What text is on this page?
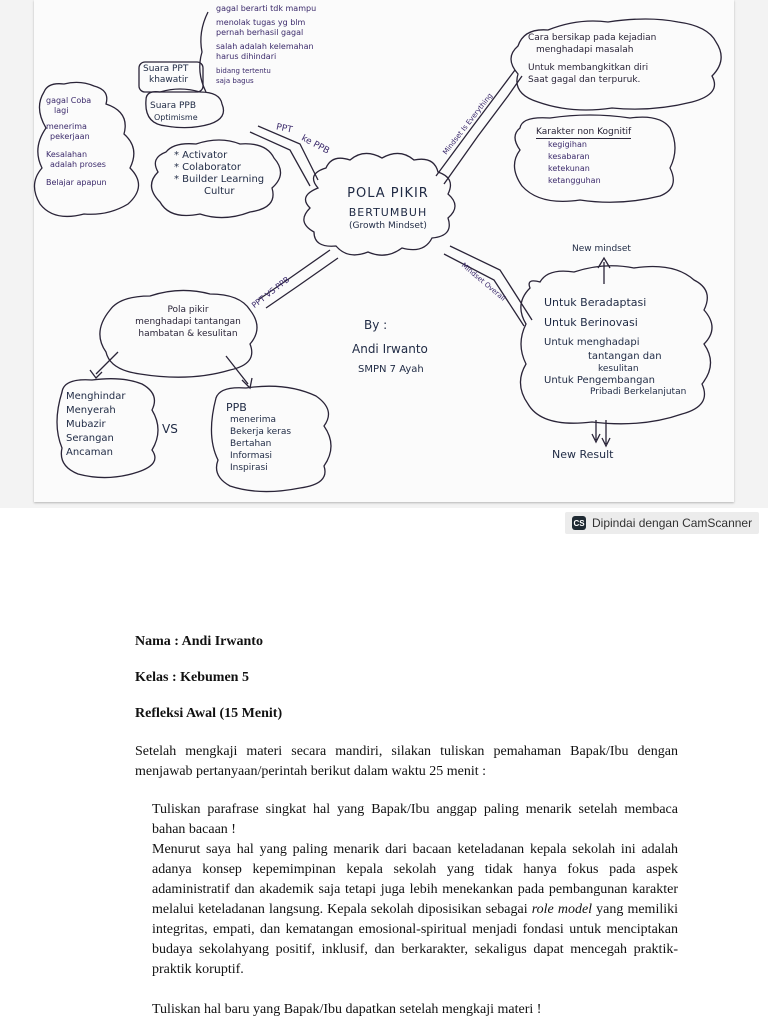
gagal berarti tdk mampu
menolak tugas yg blm
pernah berhasil gagal
salah adalah kelemahan
harus dihindari
bidang tertentu
saja bagus
Suara PPT
khawatir
Suara PPB
Optimisme
gagal Coba
lagi
menerima
pekerjaan
Kesalahan
adalah proses
Belajar apapun
* Activator
* Colaborator
* Builder Learning
Cultur
PPT
ke PPB
POLA PIKIR
BERTUMBUH
(Growth Mindset)
Mindset Is Everything
Cara bersikap pada kejadian
menghadapi masalah
Untuk membangkitkan diri
Saat gagal dan terpuruk.
Karakter non Kognitif
kegigihan
kesabaran
ketekunan
ketangguhan
New mindset
Mindset Overall	Untuk Beradaptasi
Untuk Berinovasi
Untuk menghadapi
tantangan dan
kesulitan
Untuk Pengembangan
Pribadi Berkelanjutan
New Result
PPT VS PPB
Pola pikir
menghadapi tantangan
hambatan & kesulitan
By :
Andi Irwanto
SMPN 7 Ayah
Menghindar
Menyerah
Mubazir
Serangan
Ancaman
VS
PPB
menerima
Bekerja keras
Bertahan
Informasi
Inspirasi
CS Dipindai dengan CamScanner

Nama : Andi Irwanto

Kelas : Kebumen 5

Refleksi Awal (15 Menit)

Setelah mengkaji materi secara mandiri, silakan tuliskan pemahaman Bapak/Ibu dengan menjawab pertanyaan/perintah berikut dalam waktu 25 menit :

Tuliskan parafrase singkat hal yang Bapak/Ibu anggap paling menarik setelah membaca bahan bacaan !

Menurut saya hal yang paling menarik dari bacaan keteladanan kepala sekolah ini adalah adanya konsep kepemimpinan kepala sekolah yang tidak hanya fokus pada aspek adaministratif dan akademik saja tetapi juga lebih menekankan pada pembangunan karakter melalui keteladanan langsung. Kepala sekolah diposisikan sebagai role model yang memiliki integritas, empati, dan kematangan emosional-spiritual menjadi fondasi untuk menciptakan budaya sekolahyang positif, inklusif, dan berkarakter, sekaligus dapat mencegah praktik-praktik koruptif.

Tuliskan hal baru yang Bapak/Ibu dapatkan setelah mengkaji materi !
